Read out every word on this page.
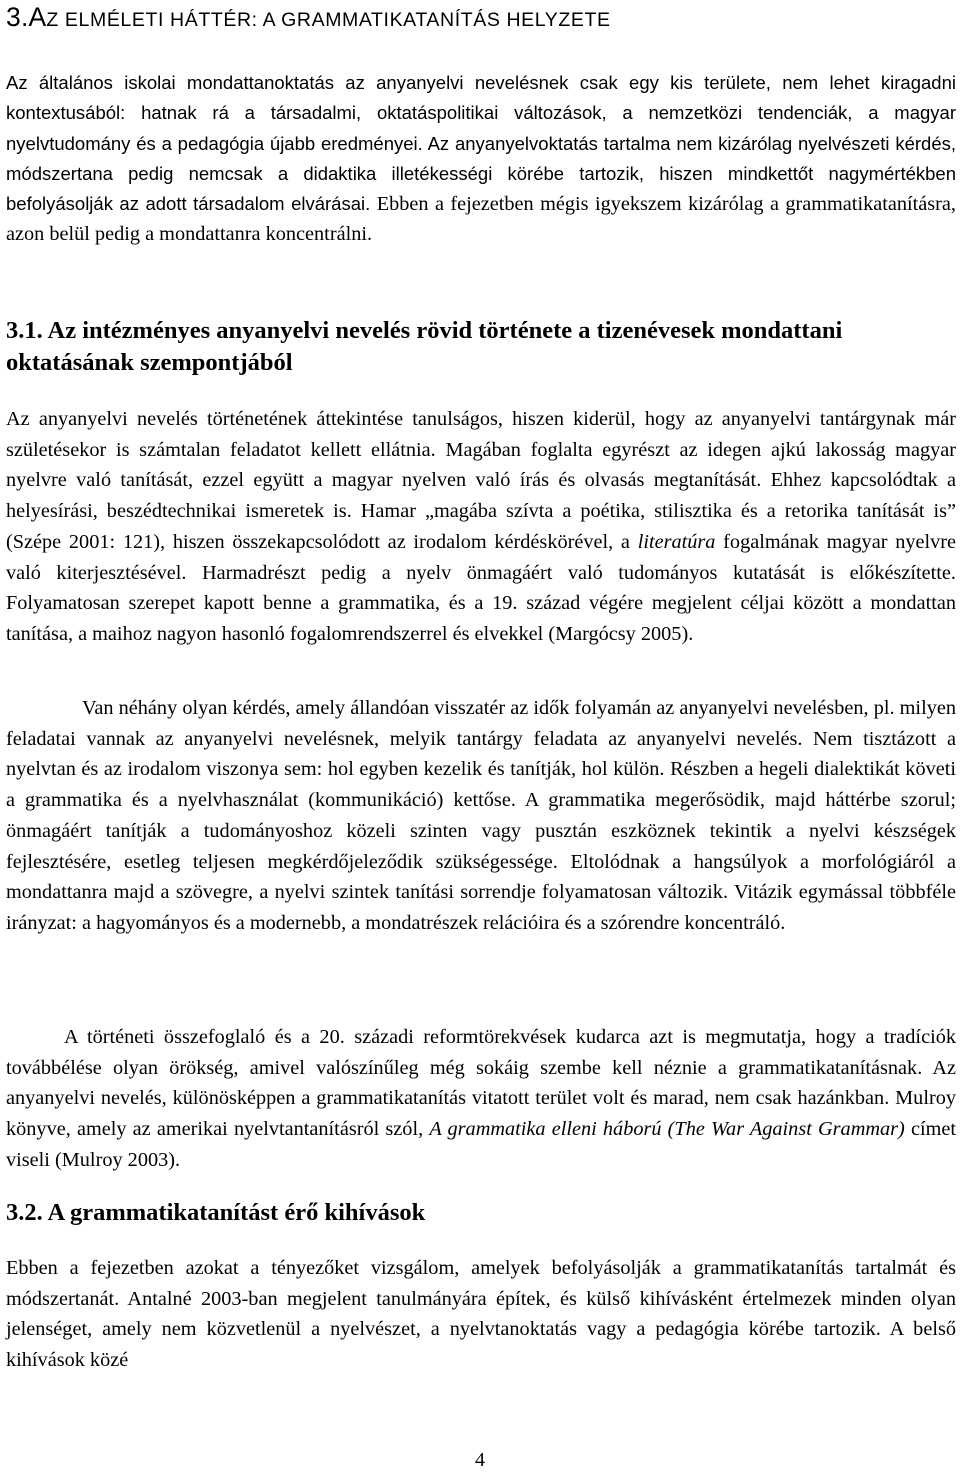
3.AZ ELMÉLETI HÁTTÉR: A GRAMMATIKATANÍTÁS HELYZETE

Az általános iskolai mondattanoktatás az anyanyelvi nevelésnek csak egy kis területe, nem lehet kiragadni kontextusából: hatnak rá a társadalmi, oktatáspolitikai változások, a nemzetközi tendenciák, a magyar nyelvtudomány és a pedagógia újabb eredményei. Az anyanyelvoktatás tartalma nem kizárólag nyelvészeti kérdés, módszertana pedig nemcsak a didaktika illetékességi körébe tartozik, hiszen mindkettőt nagymértékben befolyásolják az adott társadalom elvárásai. Ebben a fejezetben mégis igyekszem kizárólag a grammatikatanításra, azon belül pedig a mondattanra koncentrálni.

3.1. Az intézményes anyanyelvi nevelés rövid története a tizenévesek mondattani oktatásának szempontjából

Az anyanyelvi nevelés történetének áttekintése tanulságos, hiszen kiderül, hogy az anyanyelvi tantárgynak már születésekor is számtalan feladatot kellett ellátnia. Magában foglalta egyrészt az idegen ajkú lakosság magyar nyelvre való tanítását, ezzel együtt a magyar nyelven való írás és olvasás megtanítását. Ehhez kapcsolódtak a helyesírási, beszédtechnikai ismeretek is. Hamar „magába szívta a poétika, stilisztika és a retorika tanítását is” (Szépe 2001: 121), hiszen összekapcsolódott az irodalom kérdéskörével, a literatúra fogalmának magyar nyelvre való kiterjesztésével. Harmadrészt pedig a nyelv önmagáért való tudományos kutatását is előkészítette. Folyamatosan szerepet kapott benne a grammatika, és a 19. század végére megjelent céljai között a mondattan tanítása, a maihoz nagyon hasonló fogalomrendszerrel és elvekkel (Margócsy 2005).

Van néhány olyan kérdés, amely állandóan visszatér az idők folyamán az anyanyelvi nevelésben, pl. milyen feladatai vannak az anyanyelvi nevelésnek, melyik tantárgy feladata az anyanyelvi nevelés. Nem tisztázott a nyelvtan és az irodalom viszonya sem: hol egyben kezelik és tanítják, hol külön. Részben a hegeli dialektikát követi a grammatika és a nyelvhasználat (kommunikáció) kettőse. A grammatika megerősödik, majd háttérbe szorul; önmagáért tanítják a tudományoshoz közeli szinten vagy pusztán eszköznek tekintik a nyelvi készségek fejlesztésére, esetleg teljesen megkérdőjeleződik szükségessége. Eltolódnak a hangsúlyok a morfológiáról a mondattanra majd a szövegre, a nyelvi szintek tanítási sorrendje folyamatosan változik. Vitázik egymással többféle irányzat: a hagyományos és a modernebb, a mondatrészek relációira és a szórendre koncentráló.

A történeti összefoglaló és a 20. századi reformtörekvések kudarca azt is megmutatja, hogy a tradíciók továbbélése olyan örökség, amivel valószínűleg még sokáig szembe kell néznie a grammatikatanításnak. Az anyanyelvi nevelés, különösképpen a grammatikatanítás vitatott terület volt és marad, nem csak hazánkban. Mulroy könyve, amely az amerikai nyelvtantanításról szól, A grammatika elleni háború (The War Against Grammar) címet viseli (Mulroy 2003).

3.2. A grammatikatanítást érő kihívások

Ebben a fejezetben azokat a tényezőket vizsgálom, amelyek befolyásolják a grammatikatanítás tartalmát és módszertanát. Antalné 2003-ban megjelent tanulmányára építek, és külső kihívásként értelmezek minden olyan jelenséget, amely nem közvetlenül a nyelvészet, a nyelvtanoktatás vagy a pedagógia körébe tartozik. A belső kihívások közé

4
